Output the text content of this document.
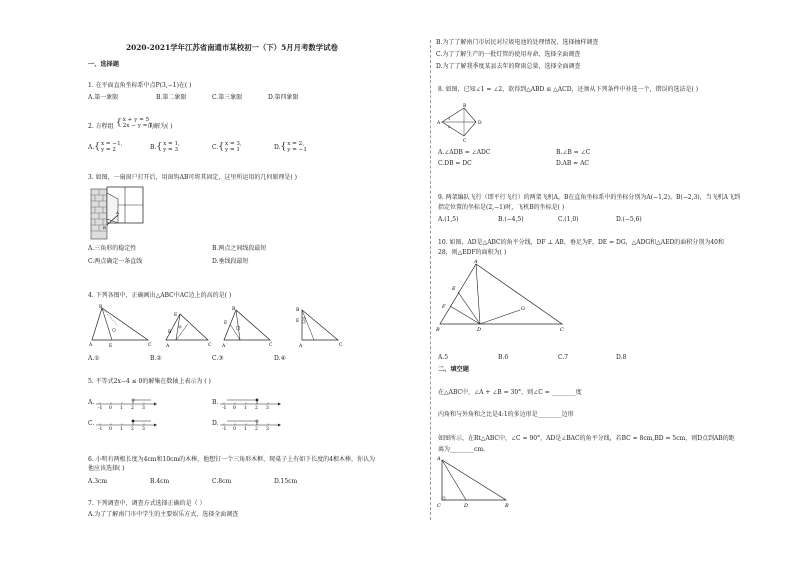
2020-2021学年江苏省南通市某校初一（下）5月月考数学试卷
一、选择题
1. 在平面直角坐标系中点P(3,−1)在( )
A.第一象限	B.第二象限	C.第三象限	D.第四象限
2. 方程组 { x + y = 5
2x − y = 1
的解为( )
A. { x = −1,
y = 2	B. { x = 1,
y = 3	C. { x = 3,
y = 1	D. { x = 2,
y = −1
3. 如图，一扇窗户打开后，用窗钩AB可将其固定，这里所运用的几何原理是( )
A
B
A.三角形的稳定性	B.两点之间线段最短
C.两点确定一条直线	D.垂线段最短
4. 下列各图中，正确画出△ABC中AC边上的高的是( )
B
A	E	C
E
B
A	C
B
E
A	C
B
E
A	C
A.①	B.②	C.③	D.④
5. 不等式2x−4 ≤ 0的解集在数轴上表示为 ( )
A.	B.
C.	D.
-1 0 1 2 3	-1 0 1 2 3
-1 0 1 2 3	-1 0 1 2 3
6. 小明有两根长度为4cm和10cm的木棒，他想钉一个三角形木框，现桌子上有如下长度的4根木棒，你认为
他应该选择( )
A.3cm	B.4cm	C.8cm	D.15cm
7. 下列调查中，调查方式选择正确的是（ ）
A.为了了解南门市中学生的主要娱乐方式，选择全面调查
B.为了了解南门市居民对垃圾电池的处理情况，选择抽样调查
C.为了了解生产的一批灯管的使用寿命，选择全面调查
D.为了了解我季度某县去年的降雨总量，选择全面调查
8. 如图，已知∠1 = ∠2，欲得到△ABD ≌ △ACD，还须从下列条件中补选一个，错误的选法是( )
A
B
C
D
1
2
A.∠ADB = ∠ADC	B.∠B = ∠C
C.DB = DC	D.AB = AC
9. 两架编队飞行（即平行飞行）的两架飞机A，B在直角坐标系中的坐标分别为A(−1,2)，B(−2,3)，当飞机A飞到
指定位置的坐标是(2,−1)时，飞机B的坐标是( )
A.(1,5)	B.(−4,5)	C.(1,0)	D.(−5,6)
10. 如图，AD是△ABC的角平分线，DF ⊥ AB，垂足为F，DE = DG，△ADG和△AED的面积分别为40和
28，则△EDF的面积为( )
A
E
F	G
B	D	C
A.5	B.6	C.7	D.8
二、填空题
在△ABC中，∠A + ∠B = 30°，则∠C = ________度
内角和与外角和之比是4:1的多边形是________边形
如图所示，在Rt△ABC中，∠C = 90°，AD是∠BAC的角平分线，若BC = 8cm,BD = 5cm，则D点到AB的距
离为________cm。
A
C	D	B
